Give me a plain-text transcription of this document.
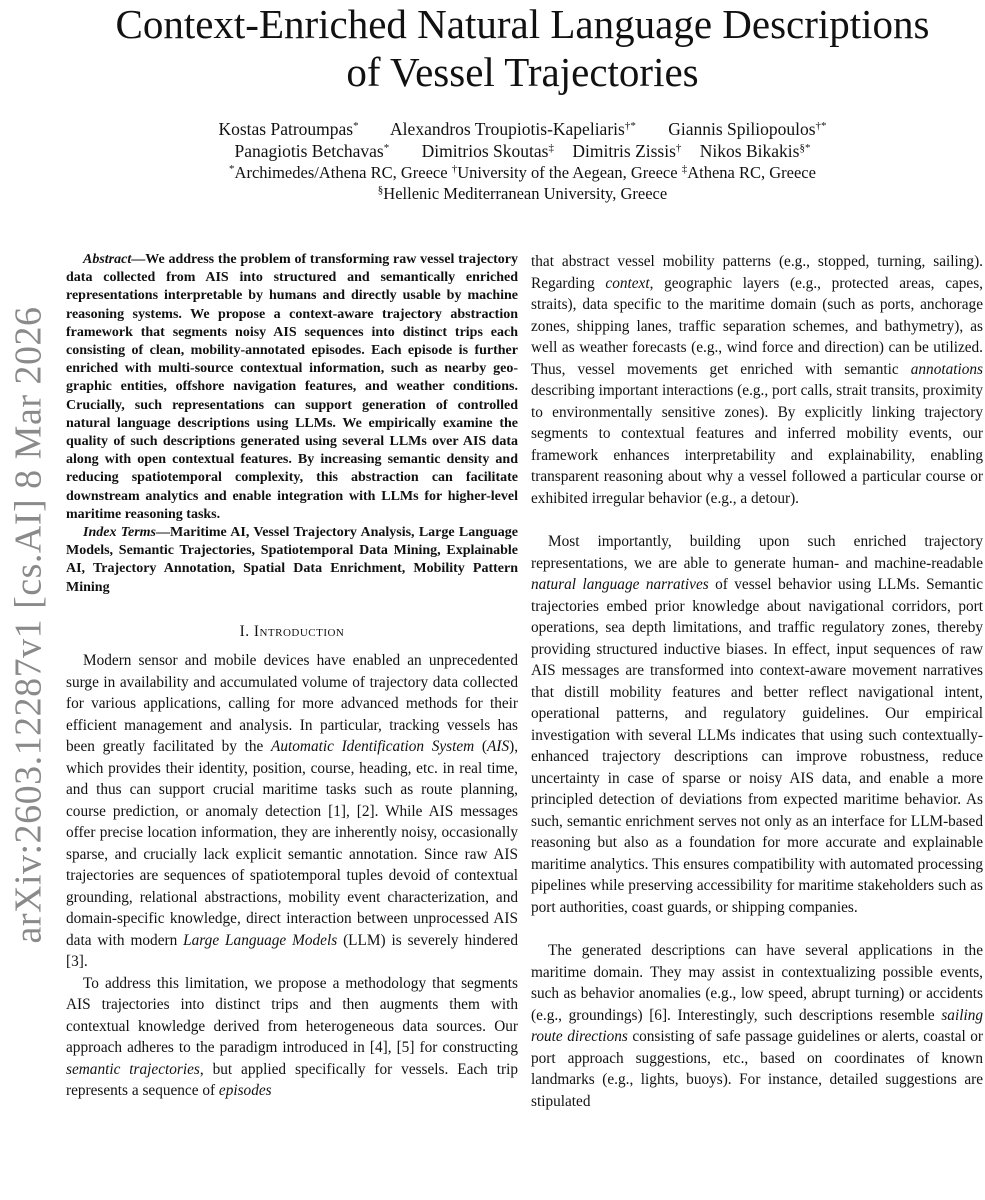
arXiv:2603.12287v1 [cs.AI] 8 Mar 2026
Context-Enriched Natural Language Descriptions
of Vessel Trajectories
Kostas Patroumpas* Alexandros Troupiotis-Kapeliaris†* Giannis Spiliopoulos†*
Panagiotis Betchavas* Dimitrios Skoutas‡ Dimitris Zissis† Nikos Bikakis§*
*Archimedes/Athena RC, Greece †University of the Aegean, Greece ‡Athena RC, Greece
§Hellenic Mediterranean University, Greece

Abstract—We address the problem of transforming raw vessel trajectory data collected from AIS into structured and semantically enriched representations interpretable by humans and directly usable by machine reasoning systems. We propose a context-aware trajectory abstraction framework that segments noisy AIS sequences into distinct trips each consisting of clean, mobility-annotated episodes. Each episode is further enriched with multi-source contextual information, such as nearby geographic entities, offshore navigation features, and weather conditions. Crucially, such representations can support generation of controlled natural language descriptions using LLMs. We empirically examine the quality of such descriptions generated using several LLMs over AIS data along with open contextual features. By increasing semantic density and reducing spatiotemporal complexity, this abstraction can facilitate downstream analytics and enable integration with LLMs for higher-level maritime reasoning tasks.

Index Terms—Maritime AI, Vessel Trajectory Analysis, Large Language Models, Semantic Trajectories, Spatiotemporal Data Mining, Explainable AI, Trajectory Annotation, Spatial Data Enrichment, Mobility Pattern Mining

I. Introduction

Modern sensor and mobile devices have enabled an unprecedented surge in availability and accumulated volume of trajectory data collected for various applications, calling for more advanced methods for their efficient management and analysis. In particular, tracking vessels has been greatly facilitated by the Automatic Identification System (AIS), which provides their identity, position, course, heading, etc. in real time, and thus can support crucial maritime tasks such as route planning, course prediction, or anomaly detection [1], [2]. While AIS messages offer precise location information, they are inherently noisy, occasionally sparse, and crucially lack explicit semantic annotation. Since raw AIS trajectories are sequences of spatiotemporal tuples devoid of contextual grounding, relational abstractions, mobility event characterization, and domain-specific knowledge, direct interaction between unprocessed AIS data with modern Large Language Models (LLM) is severely hindered [3].

To address this limitation, we propose a methodology that segments AIS trajectories into distinct trips and then augments them with contextual knowledge derived from heterogeneous data sources. Our approach adheres to the paradigm introduced in [4], [5] for constructing semantic trajectories, but applied specifically for vessels. Each trip represents a sequence of episodes

that abstract vessel mobility patterns (e.g., stopped, turning, sailing). Regarding context, geographic layers (e.g., protected areas, capes, straits), data specific to the maritime domain (such as ports, anchorage zones, shipping lanes, traffic separation schemes, and bathymetry), as well as weather forecasts (e.g., wind force and direction) can be utilized. Thus, vessel movements get enriched with semantic annotations describing important interactions (e.g., port calls, strait transits, proximity to environmentally sensitive zones). By explicitly linking trajectory segments to contextual features and inferred mobility events, our framework enhances interpretability and explainability, enabling transparent reasoning about why a vessel followed a particular course or exhibited irregular behavior (e.g., a detour).

Most importantly, building upon such enriched trajectory representations, we are able to generate human- and machine-readable natural language narratives of vessel behavior using LLMs. Semantic trajectories embed prior knowledge about navigational corridors, port operations, sea depth limitations, and traffic regulatory zones, thereby providing structured inductive biases. In effect, input sequences of raw AIS messages are transformed into context-aware movement narratives that distill mobility features and better reflect navigational intent, operational patterns, and regulatory guidelines. Our empirical investigation with several LLMs indicates that using such contextually-enhanced trajectory descriptions can improve robustness, reduce uncertainty in case of sparse or noisy AIS data, and enable a more principled detection of deviations from expected maritime behavior. As such, semantic enrichment serves not only as an interface for LLM-based reasoning but also as a foundation for more accurate and explainable maritime analytics. This ensures compatibility with automated processing pipelines while preserving accessibility for maritime stakeholders such as port authorities, coast guards, or shipping companies.

The generated descriptions can have several applications in the maritime domain. They may assist in contextualizing possible events, such as behavior anomalies (e.g., low speed, abrupt turning) or accidents (e.g., groundings) [6]. Interestingly, such descriptions resemble sailing route directions consisting of safe passage guidelines or alerts, coastal or port approach suggestions, etc., based on coordinates of known landmarks (e.g., lights, buoys). For instance, detailed suggestions are stipulated
